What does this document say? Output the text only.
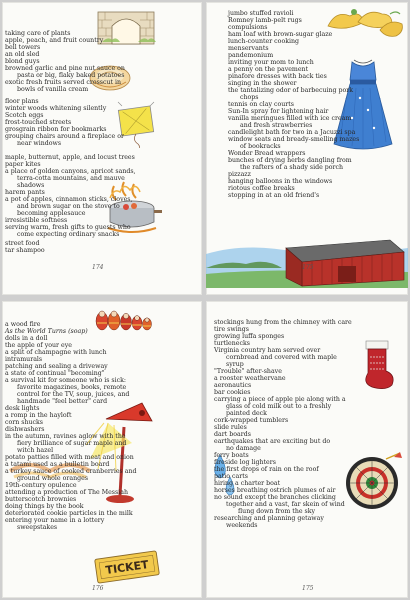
taking care of plants
apple, peach, and fruit country
bell towers
an old sled
blond guys
browned garlic and pine nut sauce on
pasta or big, flaky baked potatoes
exotic fresh fruits served crosscut in
bowls of vanilla cream
floor plans
winter woods whitening silently
Scotch eggs
frost-touched streets
grosgrain ribbon for bookmarks
grouping chairs around a fireplace or
near windows
maple, butternut, apple, and locust trees
paper kites
a place of golden canyons, apricot sands,
terra-cotta mountains, and mauve
shadows
harem pants
a pot of apples, cinnamon sticks, cloves,
and brown sugar on the stove to
becoming applesauce
irresistible softness
serving warm, fresh gifts to guests who
come expecting ordinary snacks
street food
tar shampoo
174
jumbo stuffed ravioli
Romney lamb-pelt rugs
compulsions
ham loaf with brown-sugar glaze
lunch-counter cooking
menservants
pandemonium
inviting your mom to lunch
a penny on the pavement
pinafore dresses with back ties
singing in the shower
the tantalizing odor of barbecuing pork
chops
tennis on clay courts
Sun-In spray for lightening hair
vanilla meringues filled with ice cream
and fresh strawberries
candlelight bath for two in a Jacuzzi spa
window seats and bready-smelling mazes
of bookracks
Wonder Bread wrappers
bunches of drying herbs dangling from
the rafters of a shady side porch
pizzazz
hanging balloons in the windows
riotous coffee breaks
stopping in at an old friend's
175
TICKET
a wood fire
As the World Turns (soap)
dolls in a doll
the apple of your eye
a split of champagne with lunch
intramurals
patching and sealing a driveway
a state of continual "becoming"
a survival kit for someone who is sick:
favorite magazines, books, remote
control for the TV, soup, juices, and
handmade "feel better" card
desk lights
a romp in the hayloft
corn shucks
dishwashers
in the autumn, ravines aglow with the
fiery brilliance of sugar maple and
witch hazel
potato patties filled with meat and onion
a tatami used as a bulletin board
a turkey sauce of cooked cranberries and
ground whole oranges
19th-century opulence
attending a production of The Messiah
butterscotch brownies
doing things by the book
deteriorated cookie particles in the milk
entering your name in a lottery
sweepstakes
176
stockings hung from the chimney with care
tire swings
growing luffa sponges
turtlenecks
Virginia country ham served over
cornbread and covered with maple
syrup
"Trouble" after-shave
a rooster weathervane
aeronautics
bar cookies
carrying a piece of apple pie along with a
glass of cold milk out to a freshly
painted deck
cork-wrapped tumblers
slide rules
dart boards
earthquakes that are exciting but do
no damage
ferry boats
fireside log lighters
the first drops of rain on the roof
patio carts
hiring a charter boat
horses breathing ostrich plumes of air
no sound except the branches clicking
together and a vast, far skein of wind
flung down from the sky
researching and planning getaway
weekends
175
